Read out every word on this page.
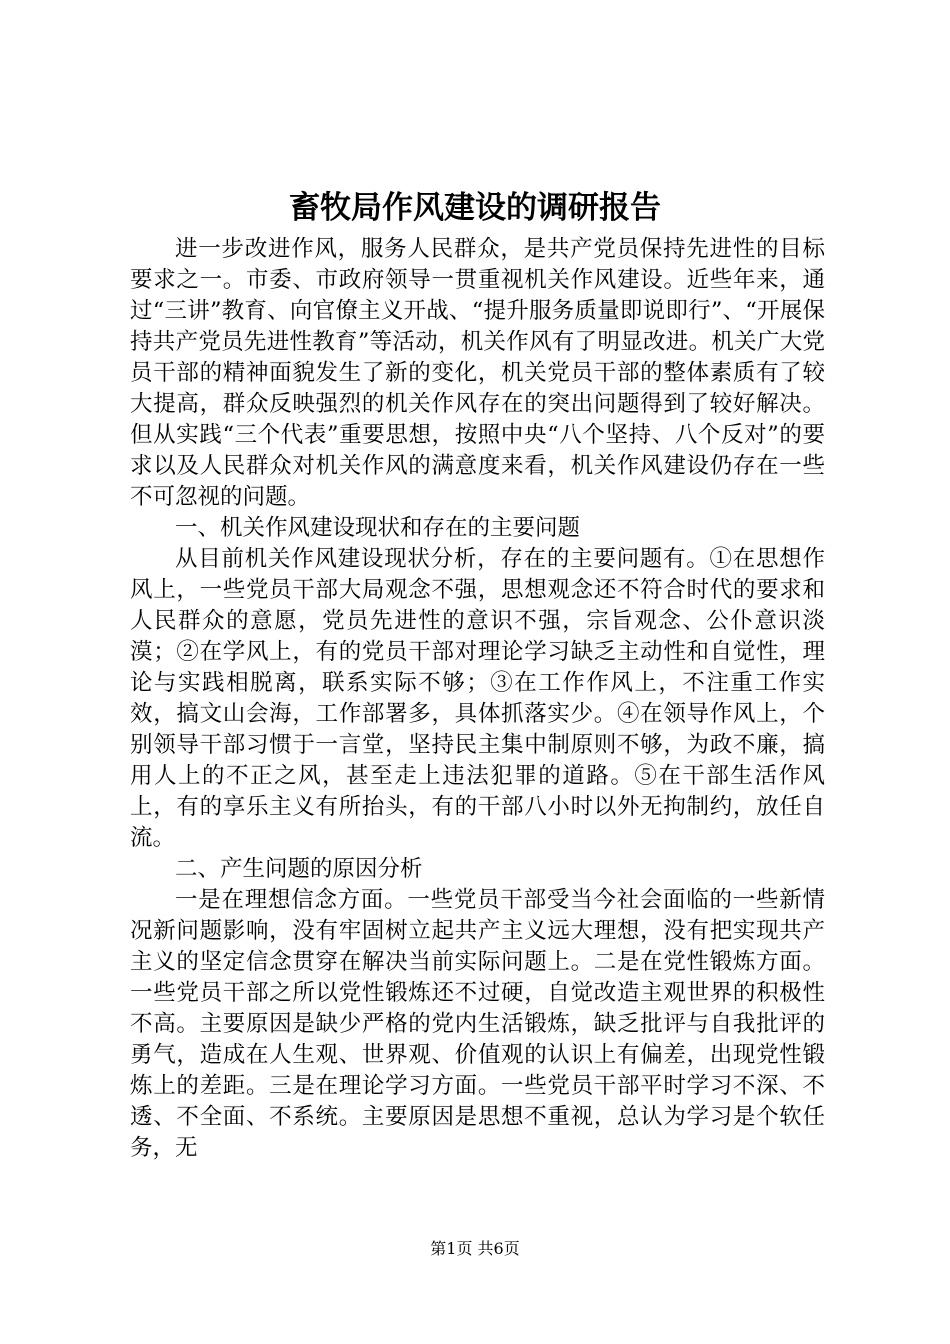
畜牧局作风建设的调研报告

进一步改进作风，服务人民群众，是共产党员保持先进性的目标要求之一。市委、市政府领导一贯重视机关作风建设。近些年来，通过“三讲”教育、向官僚主义开战、“提升服务质量即说即行”、“开展保持共产党员先进性教育”等活动，机关作风有了明显改进。机关广大党员干部的精神面貌发生了新的变化，机关党员干部的整体素质有了较大提高，群众反映强烈的机关作风存在的突出问题得到了较好解决。但从实践“三个代表”重要思想，按照中央“八个坚持、八个反对”的要求以及人民群众对机关作风的满意度来看，机关作风建设仍存在一些不可忽视的问题。

一、机关作风建设现状和存在的主要问题

从目前机关作风建设现状分析，存在的主要问题有。①在思想作风上，一些党员干部大局观念不强，思想观念还不符合时代的要求和人民群众的意愿，党员先进性的意识不强，宗旨观念、公仆意识淡漠；②在学风上，有的党员干部对理论学习缺乏主动性和自觉性，理论与实践相脱离，联系实际不够；③在工作作风上，不注重工作实效，搞文山会海，工作部署多，具体抓落实少。④在领导作风上，个别领导干部习惯于一言堂，坚持民主集中制原则不够，为政不廉，搞用人上的不正之风，甚至走上违法犯罪的道路。⑤在干部生活作风上，有的享乐主义有所抬头，有的干部八小时以外无拘制约，放任自流。

二、产生问题的原因分析

一是在理想信念方面。一些党员干部受当今社会面临的一些新情况新问题影响，没有牢固树立起共产主义远大理想，没有把实现共产主义的坚定信念贯穿在解决当前实际问题上。二是在党性锻炼方面。一些党员干部之所以党性锻炼还不过硬，自觉改造主观世界的积极性不高。主要原因是缺少严格的党内生活锻炼，缺乏批评与自我批评的勇气，造成在人生观、世界观、价值观的认识上有偏差，出现党性锻炼上的差距。三是在理论学习方面。一些党员干部平时学习不深、不透、不全面、不系统。主要原因是思想不重视，总认为学习是个软任务，无

第1页 共6页
